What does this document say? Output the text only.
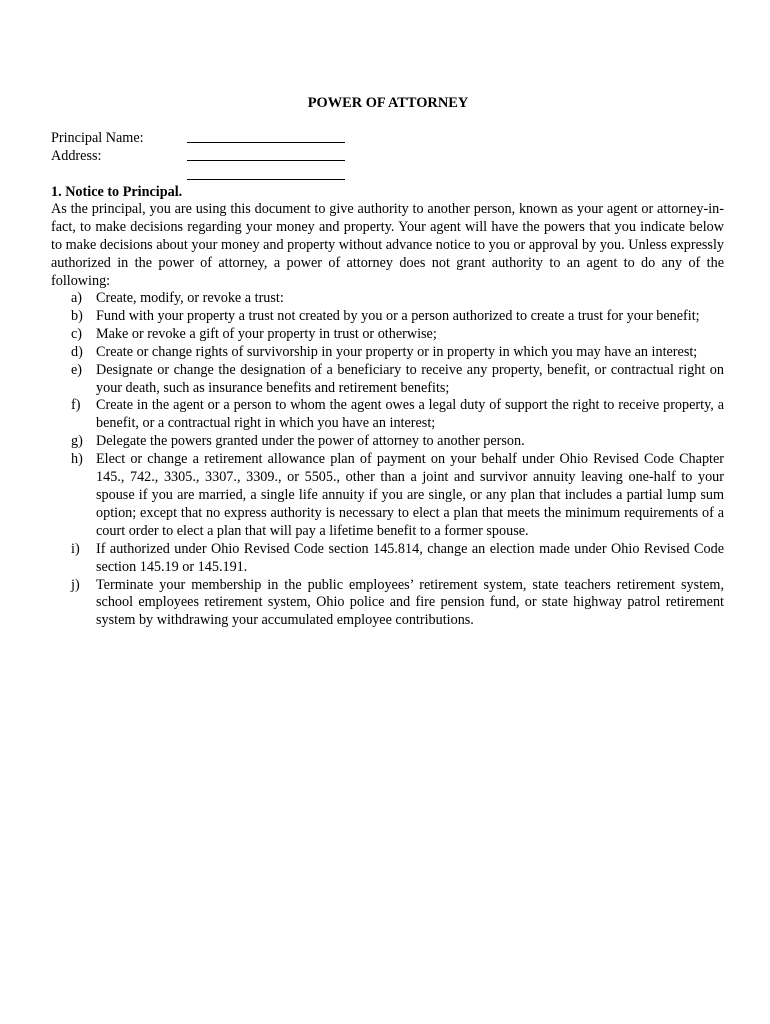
POWER OF ATTORNEY
Principal Name:
Address:
1. Notice to Principal.
As the principal, you are using this document to give authority to another person, known as your agent or attorney-in-fact, to make decisions regarding your money and property. Your agent will have the powers that you indicate below to make decisions about your money and property without advance notice to you or approval by you. Unless expressly authorized in the power of attorney, a power of attorney does not grant authority to an agent to do any of the following:
a) Create, modify, or revoke a trust:
b) Fund with your property a trust not created by you or a person authorized to create a trust for your benefit;
c) Make or revoke a gift of your property in trust or otherwise;
d) Create or change rights of survivorship in your property or in property in which you may have an interest;
e) Designate or change the designation of a beneficiary to receive any property, benefit, or contractual right on your death, such as insurance benefits and retirement benefits;
f) Create in the agent or a person to whom the agent owes a legal duty of support the right to receive property, a benefit, or a contractual right in which you have an interest;
g) Delegate the powers granted under the power of attorney to another person.
h) Elect or change a retirement allowance plan of payment on your behalf under Ohio Revised Code Chapter 145., 742., 3305., 3307., 3309., or 5505., other than a joint and survivor annuity leaving one-half to your spouse if you are married, a single life annuity if you are single, or any plan that includes a partial lump sum option; except that no express authority is necessary to elect a plan that meets the minimum requirements of a court order to elect a plan that will pay a lifetime benefit to a former spouse.
i) If authorized under Ohio Revised Code section 145.814, change an election made under Ohio Revised Code section 145.19 or 145.191.
j) Terminate your membership in the public employees’ retirement system, state teachers retirement system, school employees retirement system, Ohio police and fire pension fund, or state highway patrol retirement system by withdrawing your accumulated employee contributions.
